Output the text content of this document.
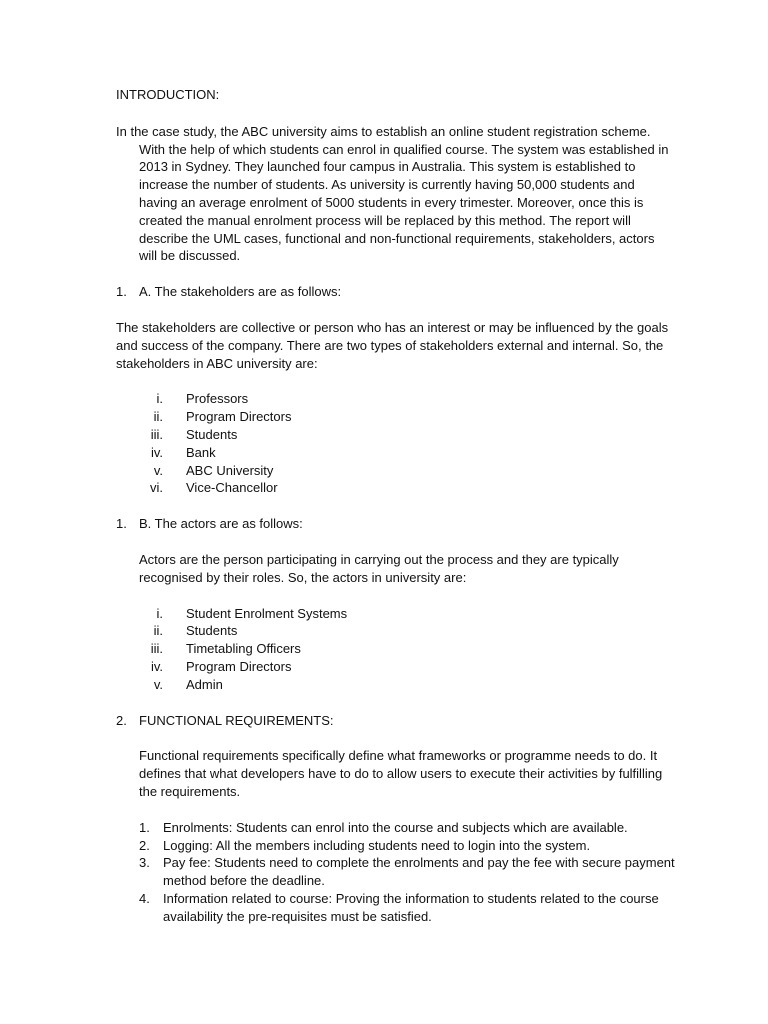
INTRODUCTION:

In the case study, the ABC university aims to establish an online student registration scheme. With the help of which students can enrol in qualified course. The system was established in 2013 in Sydney. They launched four campus in Australia. This system is established to increase the number of students. As university is currently having 50,000 students and having an average enrolment of 5000 students in every trimester. Moreover, once this is created the manual enrolment process will be replaced by this method. The report will describe the UML cases, functional and non-functional requirements, stakeholders, actors will be discussed.

1. A. The stakeholders are as follows:

The stakeholders are collective or person who has an interest or may be influenced by the goals and success of the company. There are two types of stakeholders external and internal. So, the stakeholders in ABC university are:

i.	Professors
ii.	Program Directors
iii.	Students
iv.	Bank
v.	ABC University
vi.	Vice-Chancellor
1. B. The actors are as follows:

Actors are the person participating in carrying out the process and they are typically recognised by their roles. So, the actors in university are:

i.	Student Enrolment Systems
ii.	Students
iii.	Timetabling Officers
iv.	Program Directors
v.	Admin
2. FUNCTIONAL REQUIREMENTS:

Functional requirements specifically define what frameworks or programme needs to do. It defines that what developers have to do to allow users to execute their activities by fulfilling the requirements.

1.	Enrolments: Students can enrol into the course and subjects which are available.
2.	Logging: All the members including students need to login into the system.
3.	Pay fee: Students need to complete the enrolments and pay the fee with secure payment method before the deadline.
4.	Information related to course: Proving the information to students related to the course availability the pre-requisites must be satisfied.
